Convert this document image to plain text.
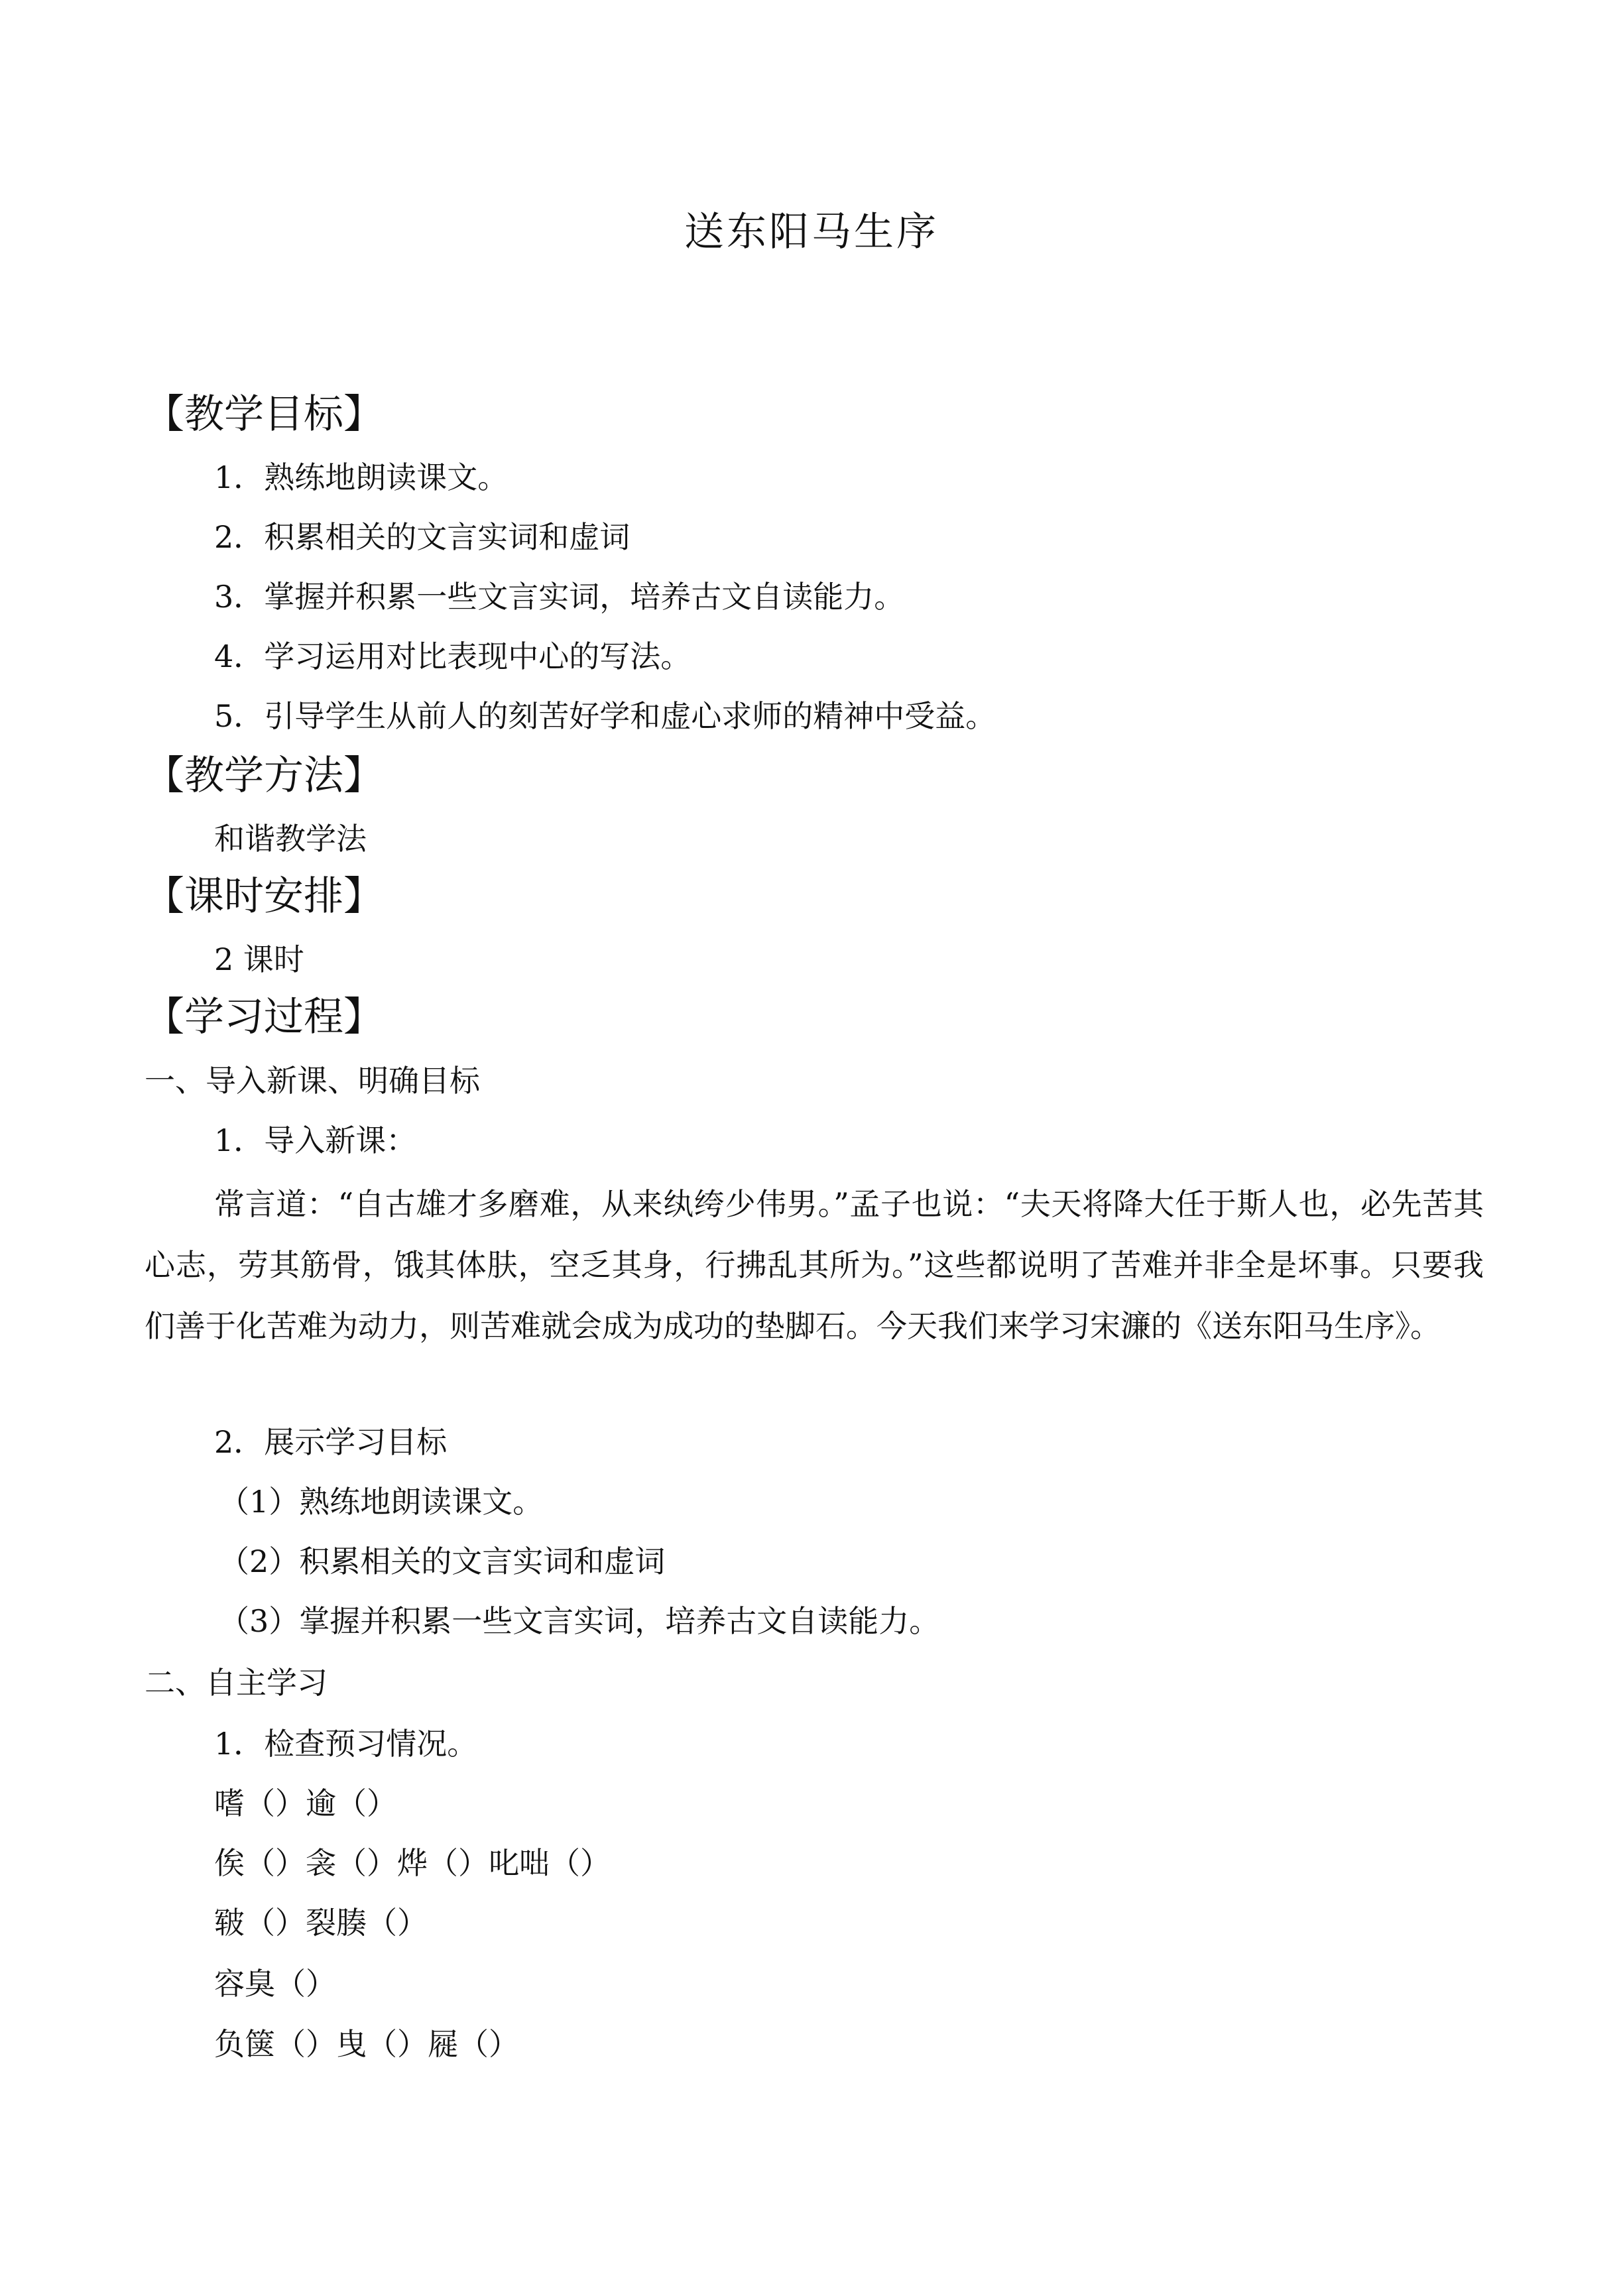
送东阳马生序
【教学目标】
1．熟练地朗读课文。
2．积累相关的文言实词和虚词
3．掌握并积累一些文言实词，培养古文自读能力。
4．学习运用对比表现中心的写法。
5．引导学生从前人的刻苦好学和虚心求师的精神中受益。
【教学方法】
和谐教学法
【课时安排】
2 课时
【学习过程】
一、导入新课、明确目标
1．导入新课：

常言道：“自古雄才多磨难，从来纨绔少伟男。”孟子也说：“夫天将降大任于斯人也，必先苦其心志，劳其筋骨，饿其体肤，空乏其身，行拂乱其所为。”这些都说明了苦难并非全是坏事。只要我们善于化苦难为动力，则苦难就会成为成功的垫脚石。今天我们来学习宋濂的《送东阳马生序》。

2．展示学习目标
（1）熟练地朗读课文。
（2）积累相关的文言实词和虚词
（3）掌握并积累一些文言实词，培养古文自读能力。
二、自主学习
1．检查预习情况。
嗜（）逾（）
俟（）衾（）烨（）叱咄（）
皲（）裂腠（）
容臭（）
负箧（）曳（）屣（）
